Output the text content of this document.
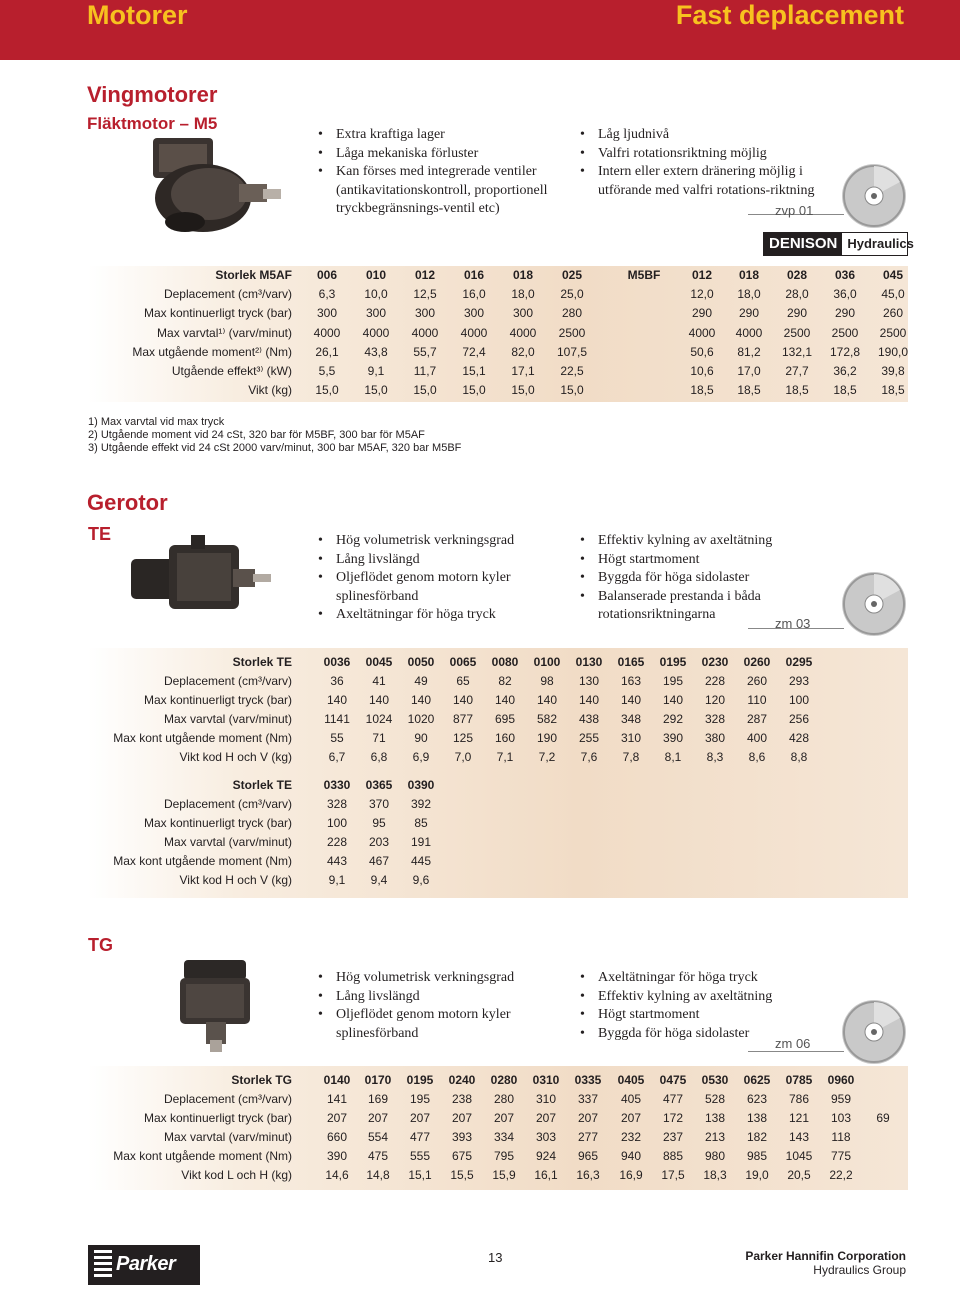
Motorer	Fast deplacement
Vingmotorer
Fläktmotor – M5
• Extra kraftiga lager
• Låga mekaniska förluster
• Kan förses med integrerade ventiler (antikavitationskontroll, proportionell tryckbegränsnings-ventil etc)
• Låg ljudnivå
• Valfri rotationsriktning möjlig
• Intern eller extern dränering möjlig i utförande med valfri rotations-riktning
zvp 01
DENISON Hydraulics
Storlek M5AF
Deplacement (cm³/varv)
Max kontinuerligt tryck (bar)
Max varvtal¹⁾ (varv/minut)
Max utgående moment²⁾ (Nm)
Utgående effekt³⁾ (kW)
Vikt (kg)
006	010	012	016	018	025
6,3	10,0	12,5	16,0	18,0	25,0
300	300	300	300	300	280
4000	4000	4000	4000	4000	2500
26,1	43,8	55,7	72,4	82,0	107,5
5,5	9,1	11,7	15,1	17,1	22,5
15,0	15,0	15,0	15,0	15,0	15,0
M5BF	012	018	028	036	045
12,0	18,0	28,0	36,0	45,0
290	290	290	290	260
4000	4000	2500	2500	2500
50,6	81,2	132,1	172,8	190,0
10,6	17,0	27,7	36,2	39,8
18,5	18,5	18,5	18,5	18,5
1) Max varvtal vid max tryck
2) Utgående moment vid 24 cSt, 320 bar för M5BF, 300 bar för M5AF
3) Utgående effekt vid 24 cSt 2000 varv/minut, 300 bar M5AF, 320 bar M5BF
Gerotor
TE
•	Hög volumetrisk verkningsgrad
• Lång livslängd
• Oljeflödet genom motorn kyler splinesförband
• Axeltätningar för höga tryck
• Effektiv kylning av axeltätning
• Högt startmoment
• Byggda för höga sidolaster
• Balanserade prestanda i båda rotationsriktningarna
zm 03
Storlek TE
Deplacement (cm³/varv)
Max kontinuerligt tryck (bar)
Max varvtal (varv/minut)
Max kont utgående moment (Nm)
Vikt kod H och V (kg)
Storlek TE
Deplacement (cm³/varv)
Max kontinuerligt tryck (bar)
Max varvtal (varv/minut)
Max kont utgående moment (Nm)
Vikt kod H och V (kg)
0036	0045	0050	0065	0080	0100	0130	0165	0195	0230	0260	0295
36	41	49	65	82	98	130	163	195	228	260	293
140	140	140	140	140	140	140	140	140	120	110	100
1141	1024	1020	877	695	582	438	348	292	328	287	256
55	71	90	125	160	190	255	310	390	380	400	428
6,7	6,8	6,9	7,0	7,1	7,2	7,6	7,8	8,1	8,3	8,6	8,8
0330	0365	0390
328	370	392
100	95	85
228	203	191
443	467	445
9,1	9,4	9,6
TG
• Hög volumetrisk verkningsgrad
• Lång livslängd
• Oljeflödet genom motorn kyler splinesförband
• Axeltätningar för höga tryck
• Effektiv kylning av axeltätning
• Högt startmoment
• Byggda för höga sidolaster
zm 06
Storlek TG
Deplacement (cm³/varv)
Max kontinuerligt tryck (bar)
Max varvtal (varv/minut)
Max kont utgående moment (Nm)
Vikt kod L och H (kg)
0140	0170	0195	0240	0280	0310	0335	0405	0475	0530	0625	0785	0960
141	169	195	238	280	310	337	405	477	528	623	786	959
207	207	207	207	207	207	207	207	172	138	138	121	103	69
660	554	477	393	334	303	277	232	237	213	182	143	118
390	475	555	675	795	924	965	940	885	980	985	1045	775
14,6	14,8	15,1	15,5	15,9	16,1	16,3	16,9	17,5	18,3	19,0	20,5	22,2
Parker	13	Parker Hannifin Corporation
Hydraulics Group
